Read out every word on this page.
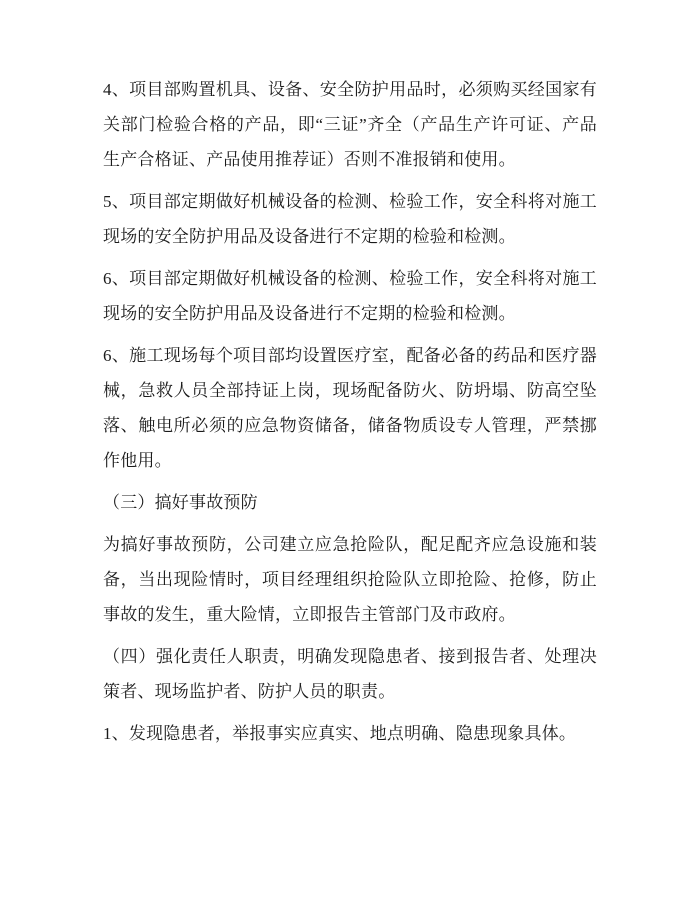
4、项目部购置机具、设备、安全防护用品时，必须购买经国家有关部门检验合格的产品，即“三证”齐全（产品生产许可证、产品生产合格证、产品使用推荐证）否则不准报销和使用。

5、项目部定期做好机械设备的检测、检验工作，安全科将对施工现场的安全防护用品及设备进行不定期的检验和检测。

6、项目部定期做好机械设备的检测、检验工作，安全科将对施工现场的安全防护用品及设备进行不定期的检验和检测。

6、施工现场每个项目部均设置医疗室，配备必备的药品和医疗器械，急救人员全部持证上岗，现场配备防火、防坍塌、防高空坠落、触电所必须的应急物资储备，储备物质设专人管理，严禁挪作他用。

（三）搞好事故预防

为搞好事故预防，公司建立应急抢险队，配足配齐应急设施和装备，当出现险情时，项目经理组织抢险队立即抢险、抢修，防止事故的发生，重大险情，立即报告主管部门及市政府。

（四）强化责任人职责，明确发现隐患者、接到报告者、处理决策者、现场监护者、防护人员的职责。

1、发现隐患者，举报事实应真实、地点明确、隐患现象具体。
